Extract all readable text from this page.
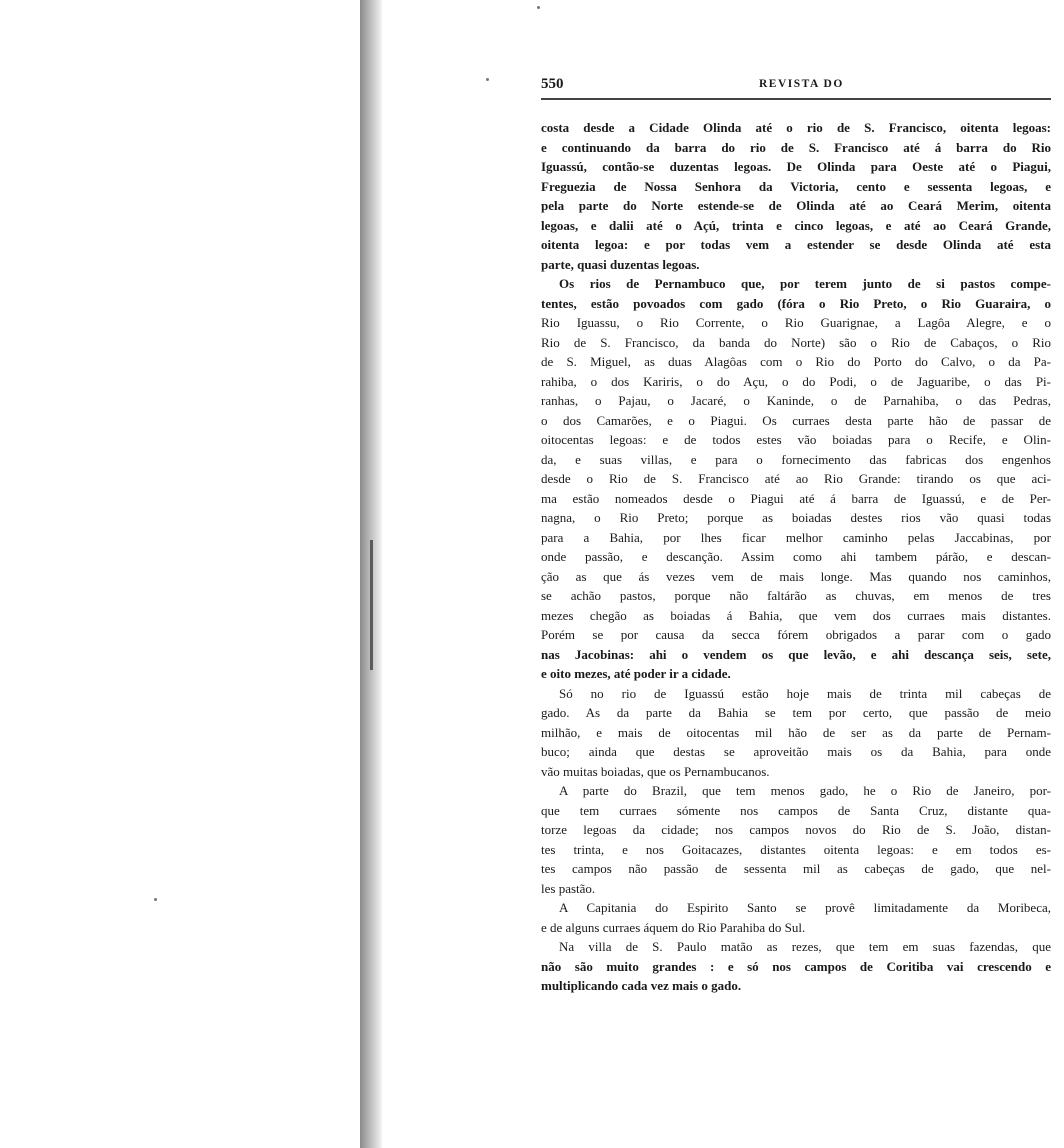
550	REVISTA DO
costa desde a Cidade Olinda até o rio de S. Francisco, oitenta legoas:
e continuando da barra do rio de S. Francisco até á barra do Rio
Iguassú, contão-se duzentas legoas. De Olinda para Oeste até o Piagui,
Freguezia de Nossa Senhora da Victoria, cento e sessenta legoas, e
pela parte do Norte estende-se de Olinda até ao Ceará Merim, oitenta
legoas, e dalii até o Açú, trinta e cinco legoas, e até ao Ceará Grande,
oitenta legoa: e por todas vem a estender se desde Olinda até esta
parte, quasi duzentas legoas.
Os rios de Pernambuco que, por terem junto de si pastos compe-
tentes, estão povoados com gado (fóra o Rio Preto, o Rio Guaraira, o
Rio Iguassu, o Rio Corrente, o Rio Guarignae, a Lagôa Alegre, e o
Rio de S. Francisco, da banda do Norte) são o Rio de Cabaços, o Rio
de S. Miguel, as duas Alagôas com o Rio do Porto do Calvo, o da Pa-
rahiba, o dos Kariris, o do Açu, o do Podi, o de Jaguaribe, o das Pi-
ranhas, o Pajau, o Jacaré, o Kaninde, o de Parnahiba, o das Pedras,
o dos Camarões, e o Piagui. Os curraes desta parte hão de passar de
oitocentas legoas: e de todos estes vão boiadas para o Recife, e Olin-
da, e suas villas, e para o fornecimento das fabricas dos engenhos
desde o Rio de S. Francisco até ao Rio Grande: tirando os que aci-
ma estão nomeados desde o Piagui até á barra de Iguassú, e de Per-
nagna, o Rio Preto; porque as boiadas destes rios vão quasi todas
para a Bahia, por lhes ficar melhor caminho pelas Jaccabinas, por
onde passão, e descanção. Assim como ahi tambem párão, e descan-
ção as que ás vezes vem de mais longe. Mas quando nos caminhos,
se achão pastos, porque não faltárão as chuvas, em menos de tres
mezes chegão as boiadas á Bahia, que vem dos curraes mais distantes.
Porém se por causa da secca fórem obrigados a parar com o gado
nas Jacobinas: ahi o vendem os que levão, e ahi descança seis, sete,
e oito mezes, até poder ir a cidade.
Só no rio de Iguassú estão hoje mais de trinta mil cabeças de
gado. As da parte da Bahia se tem por certo, que passão de meio
milhão, e mais de oitocentas mil hão de ser as da parte de Pernam-
buco; ainda que destas se aproveitão mais os da Bahia, para onde
vão muitas boiadas, que os Pernambucanos.
A parte do Brazil, que tem menos gado, he o Rio de Janeiro, por-
que tem curraes sómente nos campos de Santa Cruz, distante qua-
torze legoas da cidade; nos campos novos do Rio de S. João, distan-
tes trinta, e nos Goitacazes, distantes oitenta legoas: e em todos es-
tes campos não passão de sessenta mil as cabeças de gado, que nel-
les pastão.
A Capitania do Espirito Santo se provê limitadamente da Moribeca,
e de alguns curraes áquem do Rio Parahiba do Sul.
Na villa de S. Paulo matão as rezes, que tem em suas fazendas, que
não são muito grandes : e só nos campos de Coritiba vai crescendo e
multiplicando cada vez mais o gado.
